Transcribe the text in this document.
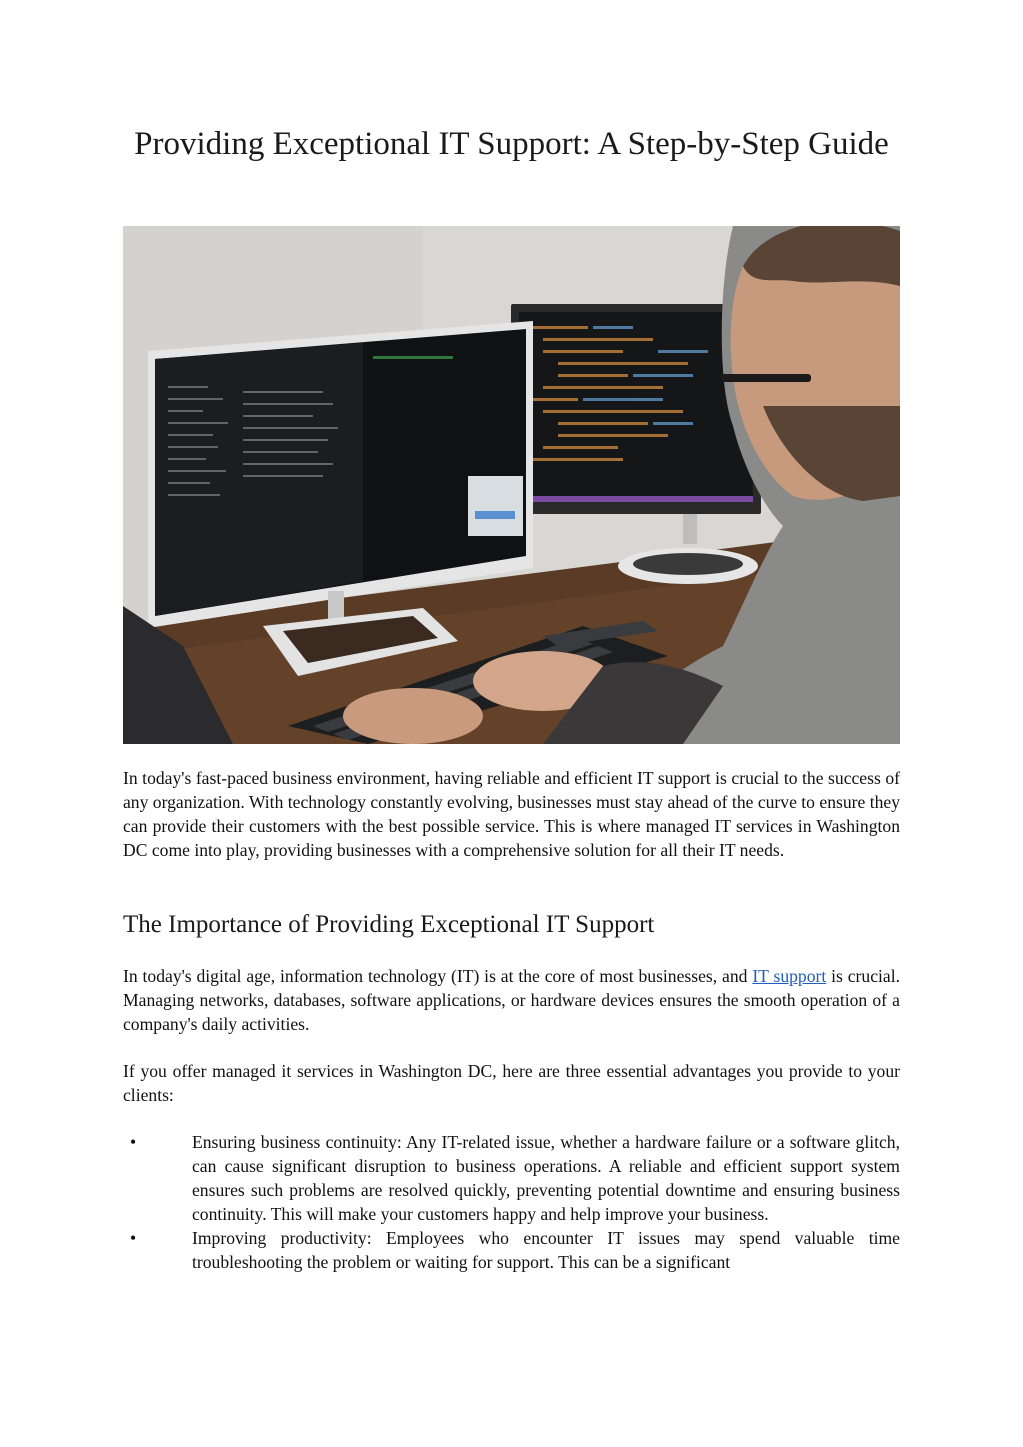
Providing Exceptional IT Support: A Step-by-Step Guide

In today's fast-paced business environment, having reliable and efficient IT support is crucial to the success of any organization. With technology constantly evolving, businesses must stay ahead of the curve to ensure they can provide their customers with the best possible service. This is where managed IT services in Washington DC come into play, providing businesses with a comprehensive solution for all their IT needs.

The Importance of Providing Exceptional IT Support

In today's digital age, information technology (IT) is at the core of most businesses, and IT support is crucial. Managing networks, databases, software applications, or hardware devices ensures the smooth operation of a company's daily activities.

If you offer managed it services in Washington DC, here are three essential advantages you provide to your clients:

•	Ensuring business continuity: Any IT-related issue, whether a hardware failure or a software glitch, can cause significant disruption to business operations. A reliable and efficient support system ensures such problems are resolved quickly, preventing potential downtime and ensuring business continuity. This will make your customers happy and help improve your business.
•	Improving productivity: Employees who encounter IT issues may spend valuable time troubleshooting the problem or waiting for support. This can be a significant
